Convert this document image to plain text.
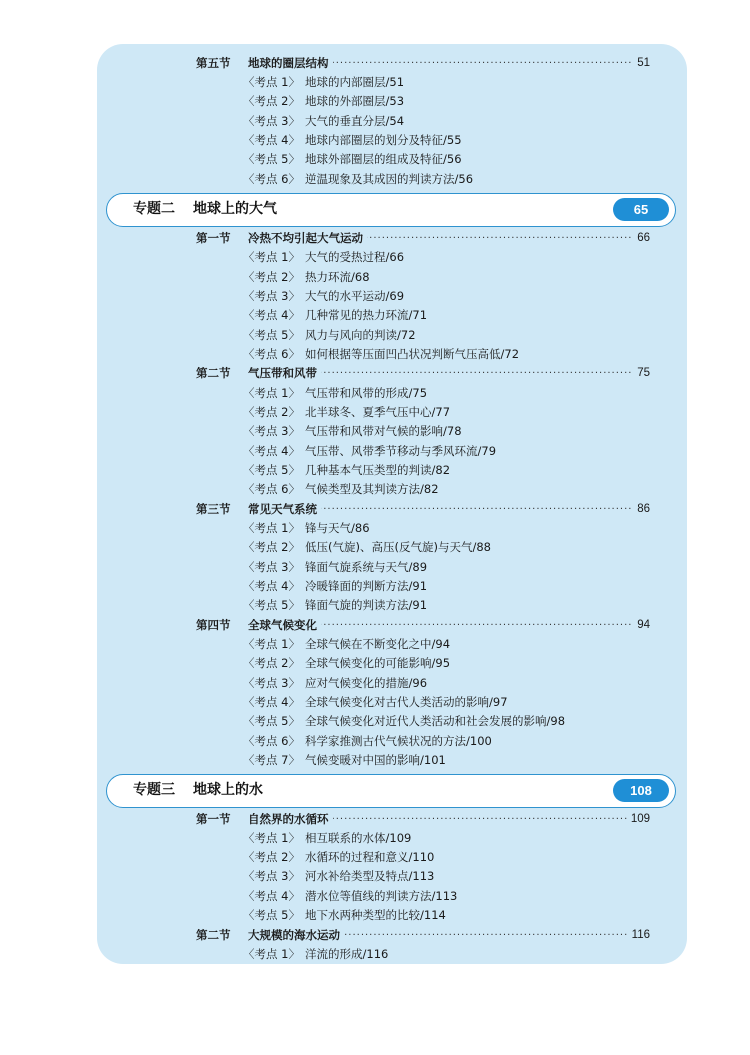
第五节 ····· 地球的圈层结构	51
〈考点 1〉 地球的内部圈层/51
〈考点 2〉 地球的外部圈层/53
〈考点 3〉 大气的垂直分层/54
〈考点 4〉 地球内部圈层的划分及特征/55
〈考点 5〉 地球外部圈层的组成及特征/56
〈考点 6〉 逆温现象及其成因的判读方法/56
专题二 地球上的大气	65
第一节 ····· 冷热不均引起大气运动	66
〈考点 1〉 大气的受热过程/66
〈考点 2〉 热力环流/68
〈考点 3〉 大气的水平运动/69
〈考点 4〉 几种常见的热力环流/71
〈考点 5〉 风力与风向的判读/72
〈考点 6〉 如何根据等压面凹凸状况判断气压高低/72
第二节 ····· 气压带和风带	75
〈考点 1〉 气压带和风带的形成/75
〈考点 2〉 北半球冬、夏季气压中心/77
〈考点 3〉 气压带和风带对气候的影响/78
〈考点 4〉 气压带、风带季节移动与季风环流/79
〈考点 5〉 几种基本气压类型的判读/82
〈考点 6〉 气候类型及其判读方法/82
第三节 ····· 常见天气系统	86
〈考点 1〉 锋与天气/86
〈考点 2〉 低压(气旋)、高压(反气旋)与天气/88
〈考点 3〉 锋面气旋系统与天气/89
〈考点 4〉 冷暖锋面的判断方法/91
〈考点 5〉 锋面气旋的判读方法/91
第四节 ····· 全球气候变化	94
〈考点 1〉 全球气候在不断变化之中/94
〈考点 2〉 全球气候变化的可能影响/95
〈考点 3〉 应对气候变化的措施/96
〈考点 4〉 全球气候变化对古代人类活动的影响/97
〈考点 5〉 全球气候变化对近代人类活动和社会发展的影响/98
〈考点 6〉 科学家推测古代气候状况的方法/100
〈考点 7〉 气候变暖对中国的影响/101
专题三 地球上的水	108
第一节 ····· 自然界的水循环	109
〈考点 1〉 相互联系的水体/109
〈考点 2〉 水循环的过程和意义/110
〈考点 3〉 河水补给类型及特点/113
〈考点 4〉 潜水位等值线的判读方法/113
〈考点 5〉 地下水两种类型的比较/114
第二节 ····· 大规模的海水运动	116
〈考点 1〉 洋流的形成/116
